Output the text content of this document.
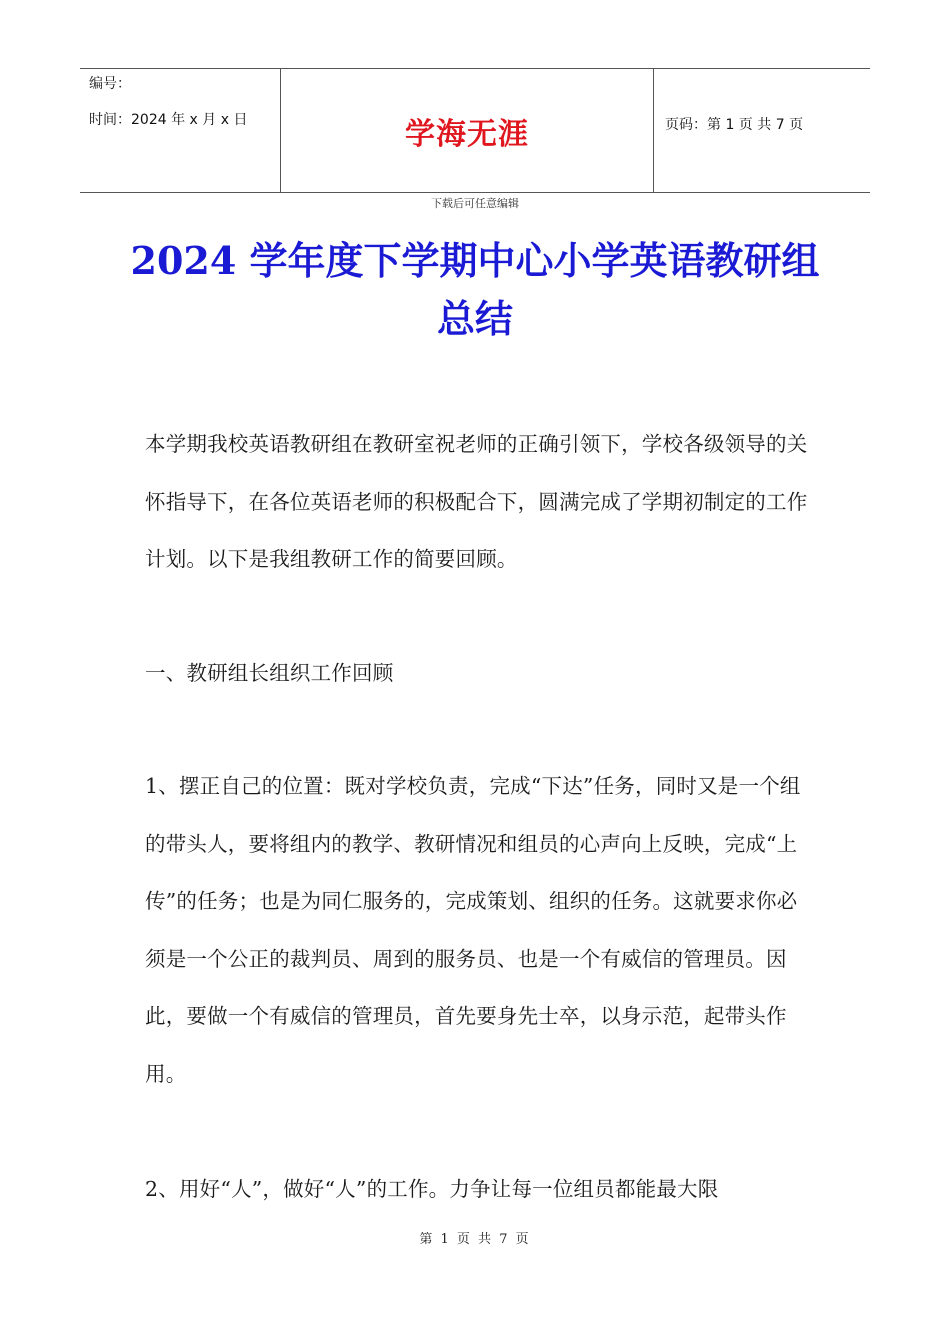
编号：
时间：2024 年 x 月 x 日	学海无涯	页码：第 1 页 共 7 页
下载后可任意编辑
2024 学年度下学期中心小学英语教研组总结

本学期我校英语教研组在教研室祝老师的正确引领下，学校各级领导的关怀指导下，在各位英语老师的积极配合下，圆满完成了学期初制定的工作计划。以下是我组教研工作的简要回顾。

一、教研组长组织工作回顾

1、摆正自己的位置：既对学校负责，完成“下达”任务，同时又是一个组的带头人，要将组内的教学、教研情况和组员的心声向上反映，完成“上传”的任务；也是为同仁服务的，完成策划、组织的任务。这就要求你必须是一个公正的裁判员、周到的服务员、也是一个有威信的管理员。因此，要做一个有威信的管理员，首先要身先士卒，以身示范，起带头作用。

2、用好“人”，做好“人”的工作。力争让每一位组员都能最大限

第 1 页 共 7 页
